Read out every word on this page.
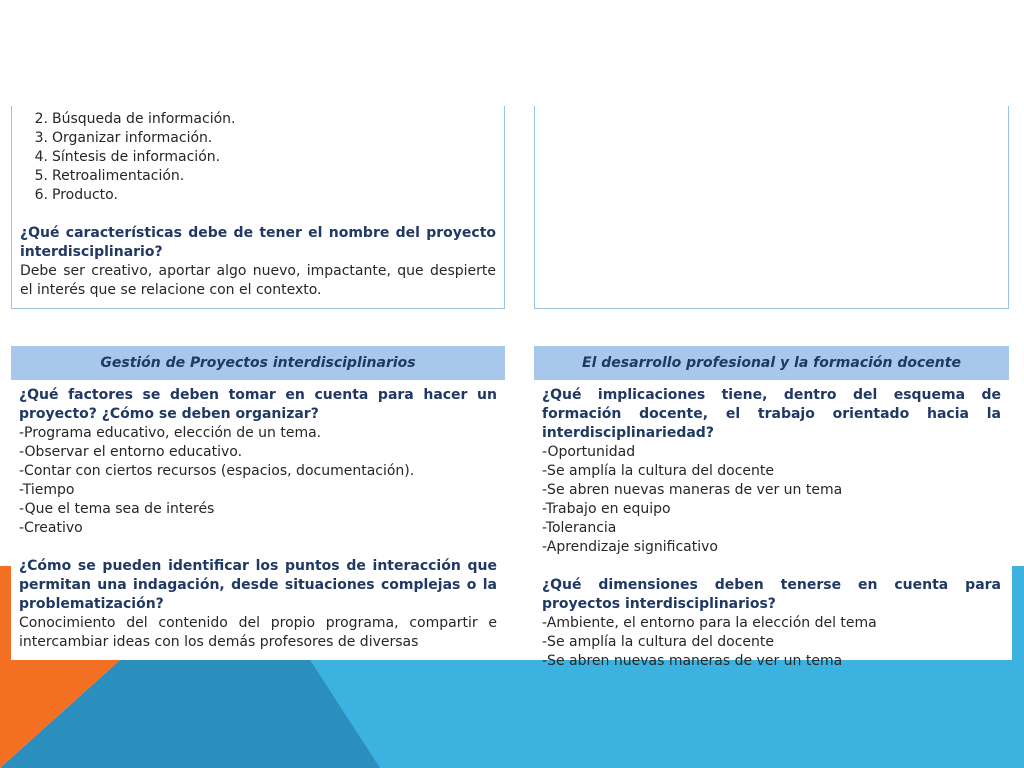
2. Búsqueda de información.
3. Organizar información.
4. Síntesis de información.
5. Retroalimentación.
6. Producto.
¿Qué características debe de tener el nombre del proyecto interdisciplinario?
Debe ser creativo, aportar algo nuevo, impactante, que despierte el interés que se relacione con el contexto.
Gestión de Proyectos interdisciplinarios
¿Qué factores se deben tomar en cuenta para hacer un proyecto? ¿Cómo se deben organizar?
-Programa educativo, elección de un tema.
-Observar el entorno educativo.
-Contar con ciertos recursos (espacios, documentación).
-Tiempo
-Que el tema sea de interés
-Creativo
¿Cómo se pueden identificar los puntos de interacción que permitan una indagación, desde situaciones complejas o la problematización?
Conocimiento del contenido del propio programa, compartir e intercambiar ideas con los demás profesores de diversas
El desarrollo profesional y la formación docente
¿Qué implicaciones tiene, dentro del esquema de formación docente, el trabajo orientado hacia la interdisciplinariedad?
-Oportunidad
-Se amplía la cultura del docente
-Se abren nuevas maneras de ver un tema
-Trabajo en equipo
-Tolerancia
-Aprendizaje significativo
¿Qué dimensiones deben tenerse en cuenta para proyectos interdisciplinarios?
-Ambiente, el entorno para la elección del tema
-Se amplía la cultura del docente
-Se abren nuevas maneras de ver un tema
